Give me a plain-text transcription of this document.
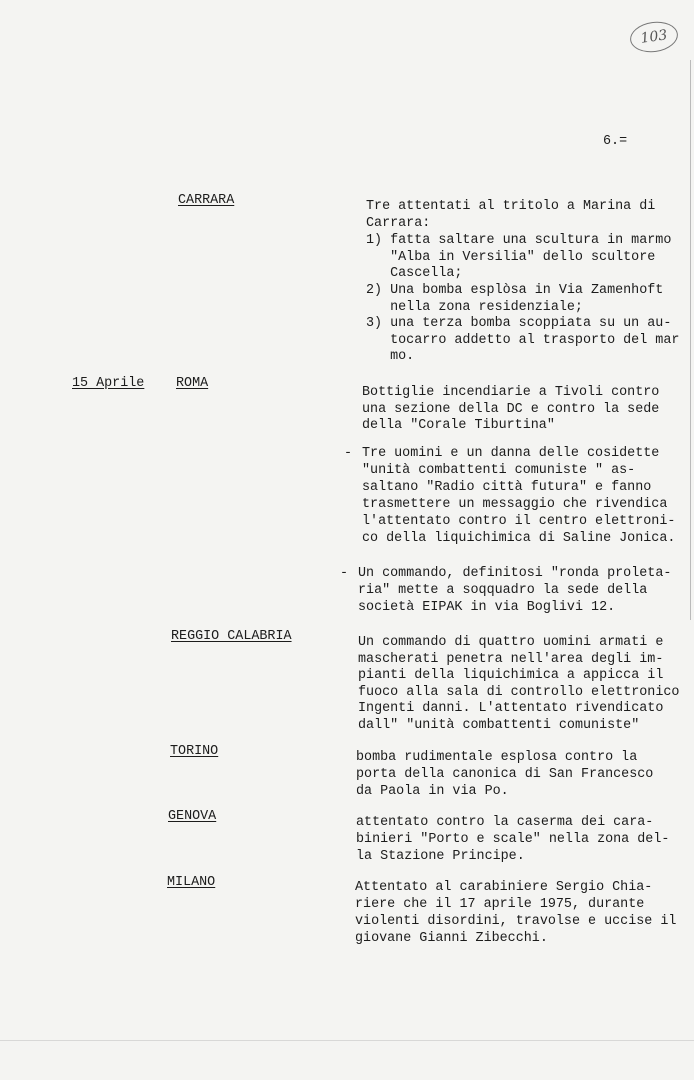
103
6.=
CARRARA	Tre attentati al tritolo a Marina di
Carrara:
1) fatta saltare una scultura in marmo
"Alba in Versilia" dello scultore
Cascella;
2) Una bomba esplòsa in Via Zamenhoft
nella zona residenziale;
3) una terza bomba scoppiata su un au-
tocarro addetto al trasporto del mar
mo.
15 Aprile ROMA
Bottiglie incendiarie a Tivoli contro
una sezione della DC e contro la sede
della "Corale Tiburtina"
- Tre uomini e un danna delle cosidette
"unità combattenti comuniste " as-
saltano "Radio città futura" e fanno
trasmettere un messaggio che rivendica
l'attentato contro il centro elettroni-
co della liquichimica di Saline Jonica.
- Un commando, definitosi "ronda proleta-
ria" mette a soqquadro la sede della
società EIPAK in via Boglivi 12.
REGGIO CALABRIA	Un commando di quattro uomini armati e
mascherati penetra nell'area degli im-
pianti della liquichimica a appicca il
fuoco alla sala di controllo elettronico
Ingenti danni. L'attentato rivendicato
dall" "unità combattenti comuniste"
TORINO	bomba rudimentale esplosa contro la
porta della canonica di San Francesco
da Paola in via Po.
GENOVA	attentato contro la caserma dei cara-
binieri "Porto e scale" nella zona del-
la Stazione Principe.
MILANO	Attentato al carabiniere Sergio Chia-
riere che il 17 aprile 1975, durante
violenti disordini, travolse e uccise il
giovane Gianni Zibecchi.
